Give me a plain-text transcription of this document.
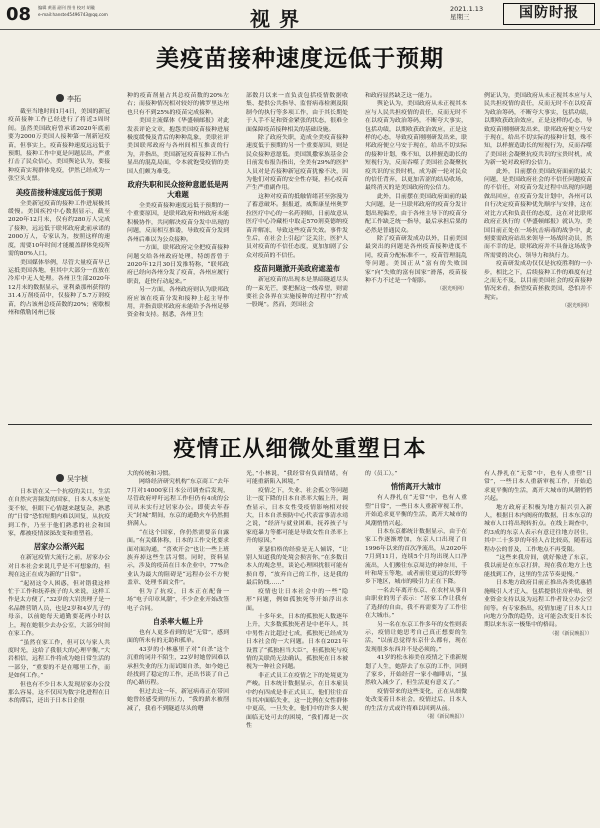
08 编辑 黄嘉 副刊 图书 校对 胡璇
e-mail:hanste45496743@qq.com	视界	2021.1.13
星期三	国防时报
美疫苗接种速度远低于预期
李拓

截至当地时间1月4日，美国的新冠疫苗接种工作已经进行了将近3周时间。虽然美国政府曾承诺2020年底前要为2000万美国人接种第一剂新冠疫苗，但事实上，疫苗接种速度远远低于预期，接种工作中更是问题层出，严重打击了民众信心，美国舆论认为，要接种疫苗实现群体免疫，伊然已经成为一张空头支票。

美疫苗接种速度远低于预期

全美新冠疫苗的接种工作进展极其缓慢。美国疾控中心数据显示，截至2020年12月末，仅有约280万人完成了接种，远远低于联邦政府此前承诺的2000万人，专家认为，按照这样的速度，需要10年时间才能覆盖群体免疫所需的80%人口。

美国媒体举例，尽管大量疫苗早已运抵美国各地，但其中大部分一直放在冷库中无人处理。各州卫生部2020年12月末的数据显示，亚利桑那州获得的31.4万剂疫苗中，仅接种了5.7万剂疫苗，约占该州总疫苗数的20%；密歇根州和俄勒冈州已接

种的疫苗剂量占其总疫苗数的20%左右；而接种情况相对较好的佛罗里达州也只有不到25%的疫苗完成接种。

美国主流媒体《华盛顿邮报》对此发表评论文章，抱怨美国疫苗接种进展极度缓慢及背后的种种乱象，美联社评美国联邦政府与各州间相互推责的行为，并指出，美国新冠疫苗接种工作凸显出的混乱局面，令本就饱受疫情的美国人们颇为难受。

政府失职和民众接种意愿低是两大难题

全美疫苗接种速度远低于预期的一个重要原因，是联邦政府和州政府未能积极协作，共同解决疫苗分发中出现的问题，反而相互推诿，导致疫苗分发到各州后难以为公众接种。

一方面，联邦政府完全把疫苗接种问题交给各州政府处理，特朗普曾于2020年12月30日发推特称，“联邦政府已经向各州分发了疫苗，各州应履行职责，赶快行动起来。”

另一方面，各州政府则认为联邦政府应该在疫苗分发和接种上起主导作用，并指责联邦政府未能给予各州足够资金和支持。据悉，各州卫生

部数月以来一直负责包括疫情数据收集、提供公共指导、监督病毒检测及限制今的执行等多项工作，由于其长期处于人手不足和资金紧张的状态，很难全面保障疫苗接种相关的基础设施。

除了政府失职，造成全美疫苗接种速度低于预期的另一个重要原因，则是民众接种意愿低。美国凯撒家族基金会日前发布报告指出，全美有29%的医护人员对是否接种新冠疫苗犹豫不决，因为他们对疫苗的安全性存疑，担心疫苗产生严重副作用。

这种对疫苗的抵触情绪甚至弥漫为了蓄意破坏。据报道，威斯康星州奥罗拉医疗中心的一名药剂师，日前故意从医疗中心冷藏柜中取走570剂莫德纳疫苗并解冻，导致这些疫苗失效。事件发生后，在社会上引起广泛关注，医护人员对疫苗的不信任态度，更加加剧了公众对疫苗的不信任。

疫苗问题掀开美政府遮羞布

新冠疫苗的出现本是黑暗隧道尽头的一束光芒，要把握这一线希望，则需要社会各界在实施接种的过程中“拧成一股绳”。然而，美国社会

和政府显然缺乏这一能力。

舆论认为，美国政府从未正视其本应与人民共担疫情的责任，反而无时不在以疫苗为政治筹码，不断夸大事实，包括功绩，以期收获政治效应，正是这样的心态，导致疫苗刚刚研发出来，联邦政府便立马安于现在，给出不切实际的接种计划，殊不知，以样擅造助长的短视行为，反而吞噬了美国社会凝聚抗疫共识的宝贵时机，成为新一轮对民众的信任背弃，以更加苦涩的结局收场，最终消灭的是美国政府的公信力。

此外，目前摆在美国政府面前的最大问题，是一旦联邦政府的疫苗分发计划出现偏差，由于各州主导下的疫苗分配工作缺乏统一指导，最后承担后果的必然是普通民众。

除了疫苗研发成功以外，目前美国最突出的问题是各州疫苗接种进度不同，疫苗分配标准不一，疫苗管理混乱等问题。美国正从“富有的失败国家”向“失败的富有国家”滑落，疫苗接种不力不过是一个缩影。

（据光明网）

例证认为，美国政府从未正视其本应与人民共担疫情的责任，反而无时不在以疫苗为政治筹码，不断夸大事实，包括功绩，以期收获政治效应，正是这样的心态，导致疫苗刚刚研发出来，联邦政府便立马安于现在，给出不切实际的接种计划，殊不知，以样擅造助长的短视行为，反而吞噬了美国社会凝聚抗疫共识的宝贵时机，成为新一轮对政府的公信力。

此外，目前摆在美国政府面前的最大问题，是美国政府社会的不信任问题疫苗的不信任，对疫苗分发过程中出现的问题做出回应，在疫苗分发计划中，各州可以自行决定疫苗接种优先顺序与安排，这在对比方式和负责任的态度，这在对比联邦政府正执行的《华盛顿邮报》就认为，美国目前正处在一场抗击病毒的战争中，此刻要需政府站出来领导一场战时动员，然而不幸的是，联邦政府并不具备这场战争所需要的决心、领导力和执行力。

疫苗研发成功仅仅是抗疫胜利的一小步，相比之下，后续接种工作的难度有过之而无不及，以目前美国社会的疫苗接种情况来看，指望疫苗拯救美国，恐怕并不现实。

（据光明网）
疫情正从细微处重塑日本
吴宇桢

日本语在又一个抗疫的关口，生活在自然灾害频发的国家，日本人本应处变不惊，但眼下心情越来越复杂，熟悉的“日常”恐怕短期内难以回复，从抗疫到工作，乃至于他们熟悉的社会和国家，都被疫情深深改变和重塑着。

居家办公渐兴起

在新冠疫情大流行之前，居家办公对日本社会来说几乎是不可想象的，但现在这正在成为新的“日常”。

“起初这令人困惑，但对错我这样忙于工作和抚养孩子的人来说，这样工作是太方便了，”32岁的大岩贵理子是一名品牌营销人员，也是2岁和4岁儿子的母亲，以前她每天通勤要花两小时以上，现在她很少去办公室，大部分时间在家工作。

“虽然在家工作，但可以与家人共度时光，这给了我很大的心理平衡，”大岩相信，远程工作将成为她日常生活的一部分，“重要的不是在哪里工作，而是如何工作。”

但也有不少日本人发现居家办公没那么容易，这不仅因为数字化进程在日本的滞后，还出于日本日企很

大的传统和习惯。

网络经济研究机构“东京商工”去年7月对14000家日本公司调查后发现，尽管政府呼吁远程工作但仍有4成的公司从未实行过居家办公。即使去年春天“封城”期间，东京的通勤火车仍然拥挤满人。

“在这个国家，你仍然需要亲自露面。”有关媒体称，日本的工作文化要求面对面沟通，“喜欢开会”也让一些上班族弃掉这些生活习惯。同时，资料显示，涉及的疫苗在日本企业中，77%企业认为最大的阻碍是“远程办公不方便盖章、处理书面文件”。

但为了抗疫，日本正在配备一场“电子印章风潮”，不少企业开始改签电子合同。

自杀率大幅上升

也有人更多看到的是“无常”，感到面的所未有的无助和孤单。

43岁的小林惠里子对“自杀”这个沉重的词并不陌生，22岁时她曾因难以承担失业的压力而试图自杀，如今她已经找到了稳定的工作，还出书谈了自己的心路历程。

但过去这一年，新冠病毒正在带回她曾经感受到的压力，“我的薪水被削减了，我看不到隧道尽头的曙

光，”小林说，“我经常有负面情绪，有可能重新陷入困境，”

疫情之下，失业、社会孤立等问题让一度下降的日本自杀率大幅上升，调查显示，日本女性受疫情影响相对较大，日本自杀预防中心代表雷事清水靖之说，“经济与就业困难，抚养孩子与家庭暴力等都可能是导致女性自杀率上升的原因。”

亚瑟伯格的经验是无人倾诉，“让别人知道我的处境会损害你，”在多数日本人的观念里，谈论心理困扰很可能有损自尊，“放弃自己的工作，这是我的最后防线……”

疫情也让日本社会中的一些“隐形”问题，例如孤独死等开始浮出水面。

十多年来，日本的孤独死人数逐年上升，大多数孤独死者是中老年人，其中男性占比超过七成，孤独死已经成为日本社会的一大问题。日本在2021年设置了“孤独担当大臣”，但孤独死与疫情的关联尚无法确认，孤独死在日本被视为一种社会问题。

非正式员工在疫情之下的处境更为严峻。日本统计数据显示，在日本雇员中约有四成是非正式员工，他们往往首当其冲面临失业，这一比例在女性群体中更高，一旦失业，他们中的许多人便面临无处可去的困境，“我们都是一次性

的（员工）。”

悄悄离开大城市

有人挣扎在“无常”中，也有人重塑“日常”，一些日本人重新审视工作，开始追求更平衡的生活，离开大城市的风潮悄悄兴起。

日本东京都统计数据显示，由于在家工作逐渐增加，东京人口出现了自1996年以来的首次净流出，从2020年7月到11月，连续5个月均出现人口净流出，人们搬往东京周边的神奈川、千叶和埼玉等地，或者前往更远的长野等乡下地区，城市的吸引力正在下降。

一名去年离开东京、在农村从事自由职业的男子表示：“居家工作让我有了选择的自由，我不再需要为了工作住在大城市。”

另一名在东京工作多年的女性则表示，疫情让她思考自己真正想要的生活，“以前总觉得东京什么都有，现在发现很多东西并不是必须的。”

41岁的松永裕美在疫情之下重新规划了人生，她辞去了东京的工作，回到了家乡，开始经营一家小咖啡店，“虽然收入减少了，但生活更有意义了。”

疫情带来的这些变化，正在从细微处改变着日本社会，疫情过后，日本人的生活方式或许将难以回到从前。

（据《新民晚报》）

有人挣扎在“无常”中，也有人重塑“日常”，一些日本人重新审视工作，开始追求更平衡的生活，离开大城市的风潮悄悄兴起。

地方政府正积极为地方振兴引入新人，根据日本内阁府的数据，日本东京的城市人口将出现转折点。在线上调查中，约3成的东京人表示有意迁往地方居住，其中二十多岁的年轻人占比较高，随着远程办公的普及，工作地点不再受限。

“这些来我房间，就好像进了东京，我以前是在东京打拼，现在我在地方上也能找到工作，这里的生活节奏更慢。”

日本地方政府目前正推出各类优惠措施吸引人才迁入，包括提供住房补贴、创业资金支持以及为远程工作者设立办公空间等。有专家指出，疫情加速了日本人口向地方分散的趋势，这可能会改变日本长期以来东京一极集中的格局。

（据《新民晚报》）
